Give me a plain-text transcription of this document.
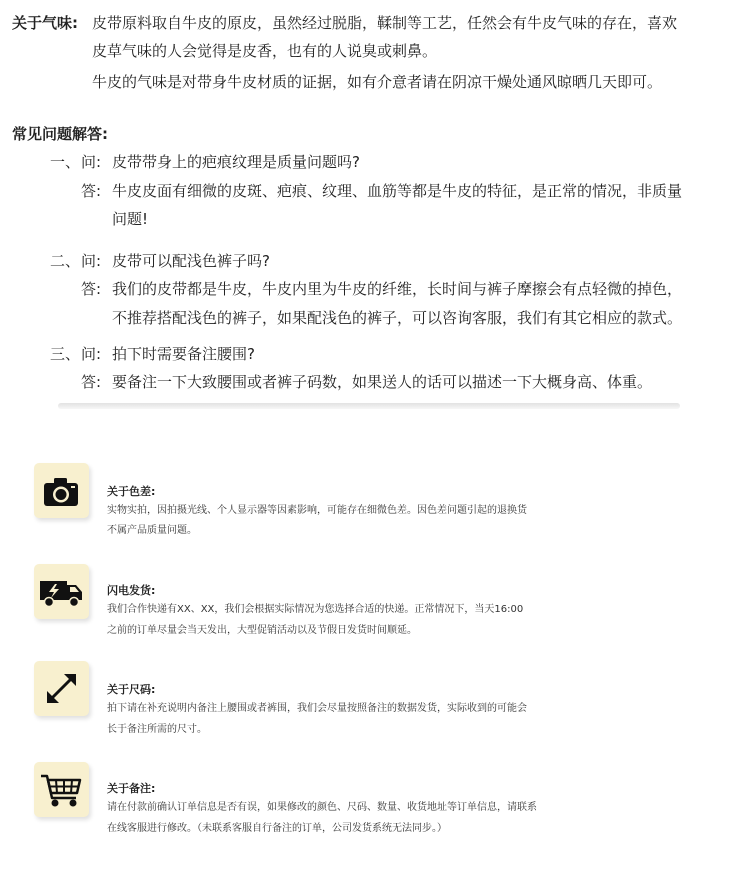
关于气味: 皮带原料取自牛皮的原皮，虽然经过脱脂，鞣制等工艺，任然会有牛皮气味的存在，喜欢
皮草气味的人会觉得是皮香，也有的人说臭或刺鼻。
牛皮的气味是对带身牛皮材质的证据，如有介意者请在阴凉干燥处通风晾晒几天即可。
常见问题解答:
一、 问: 皮带带身上的疤痕纹理是质量问题吗?
答: 牛皮皮面有细微的皮斑、疤痕、纹理、血筋等都是牛皮的特征，是正常的情况，非质量
问题!
二、 问: 皮带可以配浅色裤子吗?
答: 我们的皮带都是牛皮，牛皮内里为牛皮的纤维，长时间与裤子摩擦会有点轻微的掉色，
不推荐搭配浅色的裤子，如果配浅色的裤子，可以咨询客服，我们有其它相应的款式。
三、 问: 拍下时需要备注腰围?
答: 要备注一下大致腰围或者裤子码数，如果送人的话可以描述一下大概身高、体重。
关于色差:
实物实拍，因拍摄光线、个人显示器等因素影响，可能存在细微色差。因色差问题引起的退换货
不属产品质量问题。
闪电发货:
我们合作快递有XX、XX，我们会根据实际情况为您选择合适的快递。正常情况下，当天16:00
之前的订单尽量会当天发出，大型促销活动以及节假日发货时间顺延。
关于尺码:
拍下请在补充说明内备注上腰围或者裤围，我们会尽量按照备注的数据发货，实际收到的可能会
长于备注所需的尺寸。
关于备注:
请在付款前确认订单信息是否有误，如果修改的颜色、尺码、数量、收货地址等订单信息，请联系
在线客服进行修改。（未联系客服自行备注的订单，公司发货系统无法同步。）
